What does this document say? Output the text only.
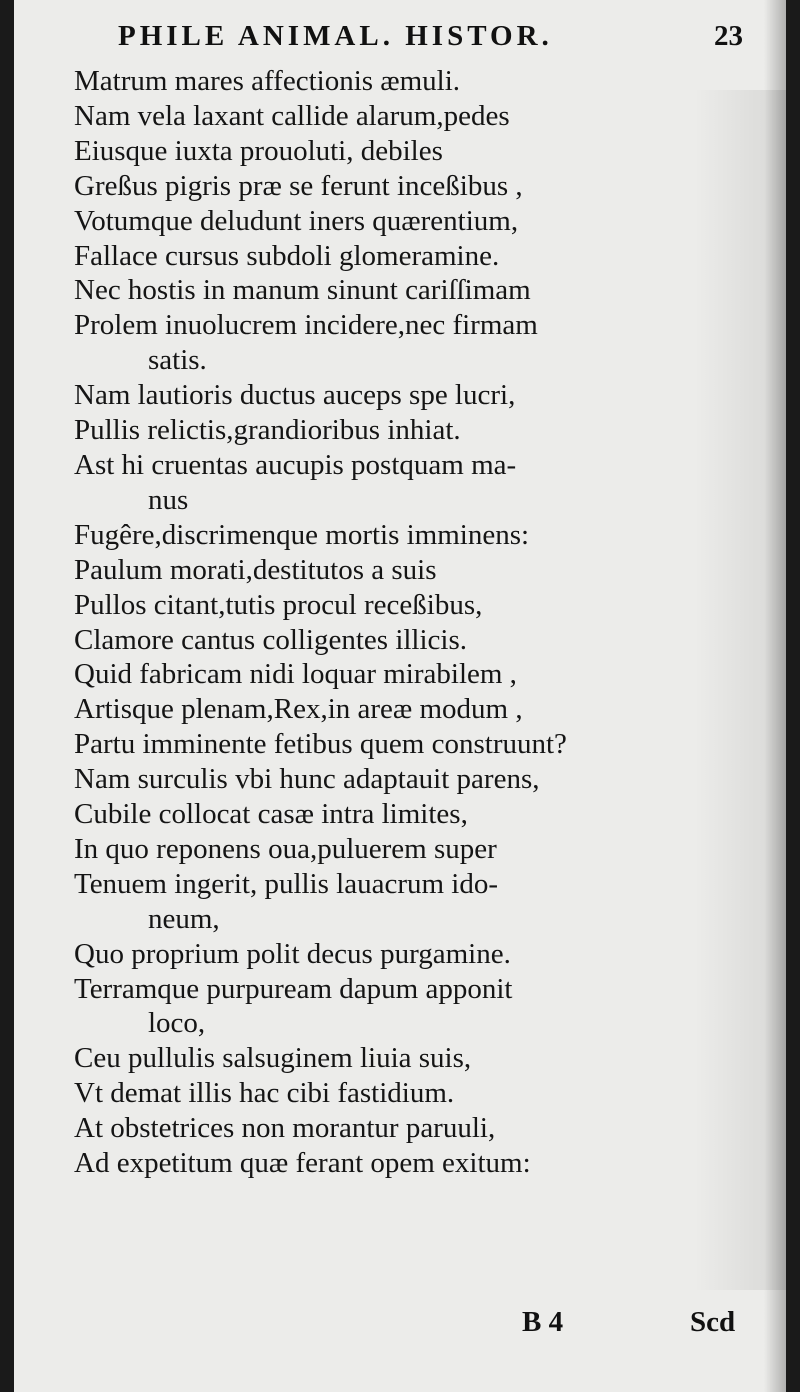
PHILE ANIMAL. HISTOR.	23
Matrum mares affectionis æmuli.
Nam vela laxant callide alarum,pedes
Eiusque iuxta prouoluti, debiles
Greßus pigris præ se ferunt inceßibus ,
Votumque deludunt iners quærentium,
Fallace cursus subdoli glomeramine.
Nec hostis in manum sinunt cariſſimam
Prolem inuolucrem incidere,nec firmam
satis.
Nam lautioris ductus auceps spe lucri,
Pullis relictis,grandioribus inhiat.
Ast hi cruentas aucupis postquam ma-
nus
Fugêre,discrimenque mortis imminens:
Paulum morati,destitutos a suis
Pullos citant,tutis procul receßibus,
Clamore cantus colligentes illicis.
Quid fabricam nidi loquar mirabilem ,
Artisque plenam,Rex,in areæ modum ,
Partu imminente fetibus quem construunt?
Nam surculis vbi hunc adaptauit parens,
Cubile collocat casæ intra limites,
In quo reponens oua,puluerem super
Tenuem ingerit, pullis lauacrum ido-
neum,
Quo proprium polit decus purgamine.
Terramque purpuream dapum apponit
loco,
Ceu pullulis salsuginem liuia suis,
Vt demat illis hac cibi fastidium.
At obstetrices non morantur paruuli,
Ad expetitum quæ ferant opem exitum:
B 4	Scd
